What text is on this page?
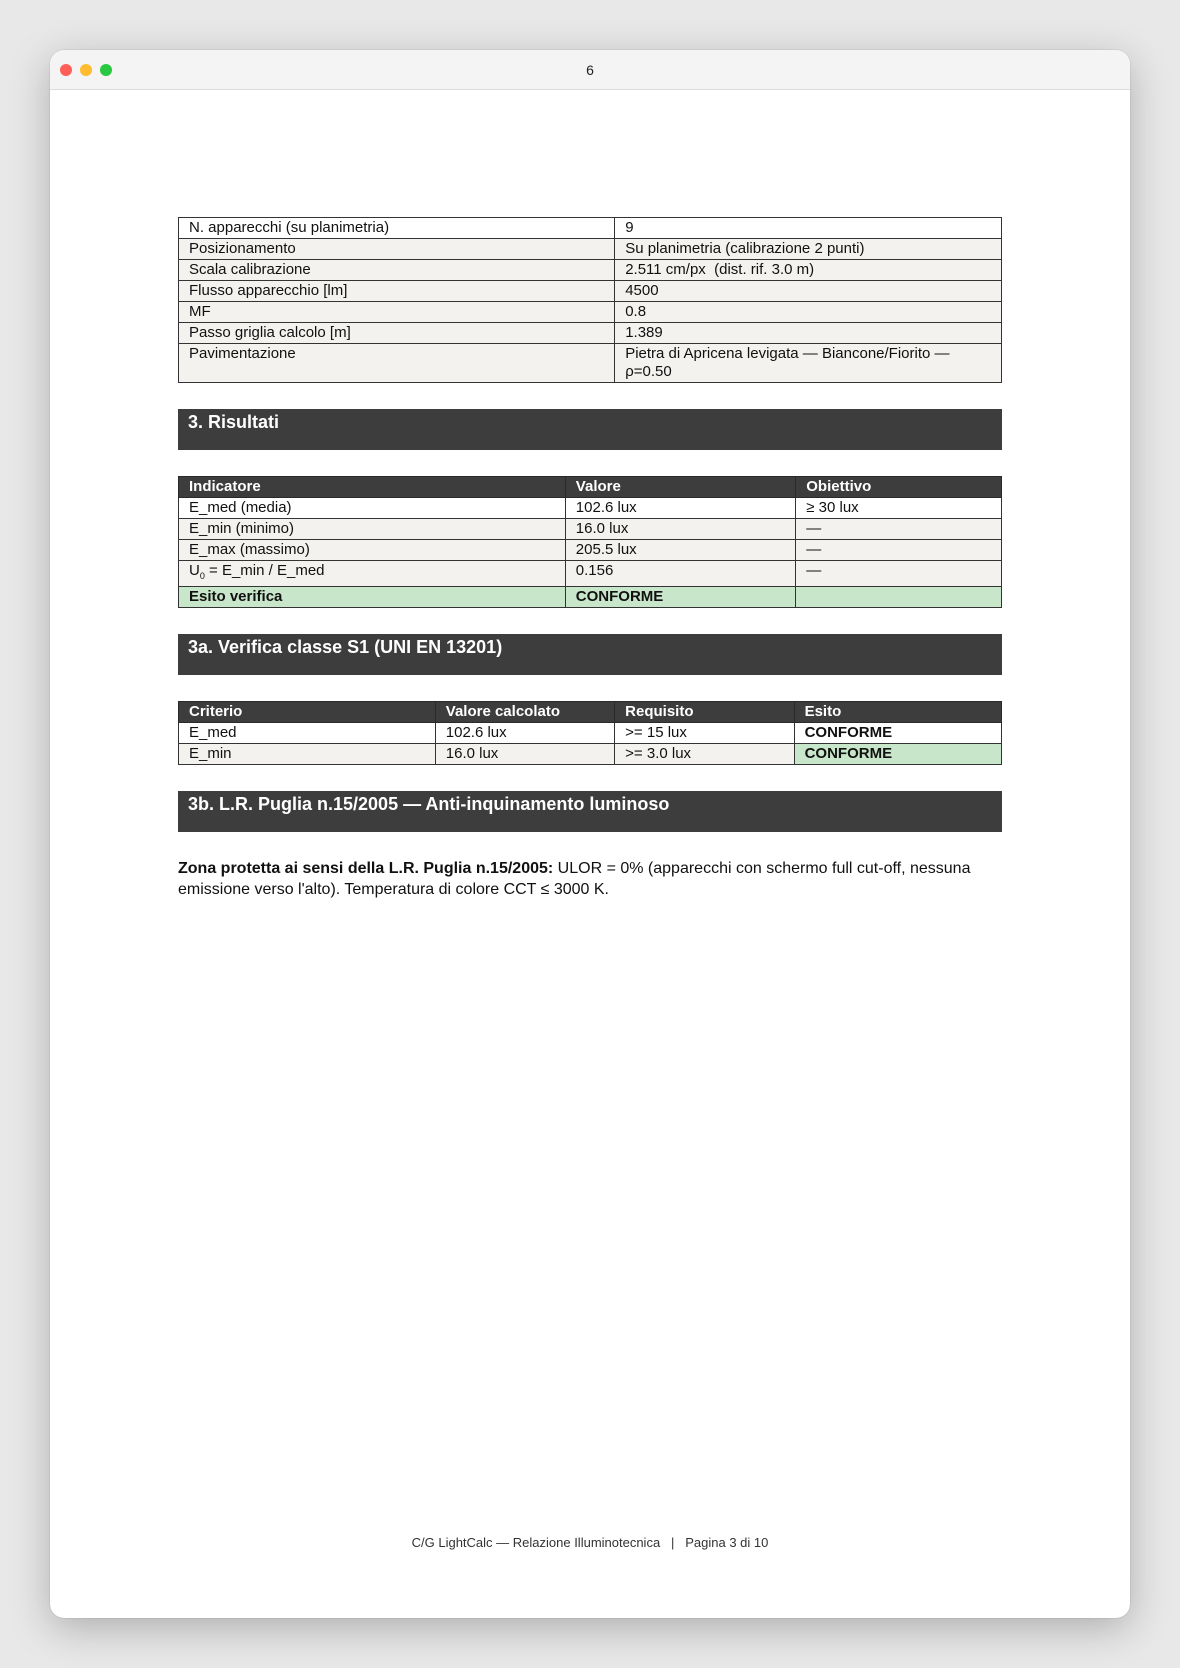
6
N. apparecchi (su planimetria)	9
Posizionamento	Su planimetria (calibrazione 2 punti)
Scala calibrazione	2.511 cm/px  (dist. rif. 3.0 m)
Flusso apparecchio [lm]	4500
MF	0.8
Passo griglia calcolo [m]	1.389
Pavimentazione	Pietra di Apricena levigata — Biancone/Fiorito — ρ=0.50
3. Risultati
Indicatore	Valore	Obiettivo
E_med (media)	102.6 lux	≥ 30 lux
E_min (minimo)	16.0 lux	—
E_max (massimo)	205.5 lux	—
$U_0$ = E_min / E_med	0.156	—
Esito verifica	CONFORME	
3a. Verifica classe S1 (UNI EN 13201)
Criterio	Valore calcolato	Requisito	Esito
E_med	102.6 lux	>= 15 lux	CONFORME
E_min	16.0 lux	>= 3.0 lux	CONFORME
3b. L.R. Puglia n.15/2005 — Anti-inquinamento luminoso

Zona protetta ai sensi della L.R. Puglia n.15/2005: ULOR = 0% (apparecchi con schermo full cut-off, nessuna emissione verso l'alto). Temperatura di colore CCT ≤ 3000 K.

C/G LightCalc — Relazione Illuminotecnica   |   Pagina 3 di 10
